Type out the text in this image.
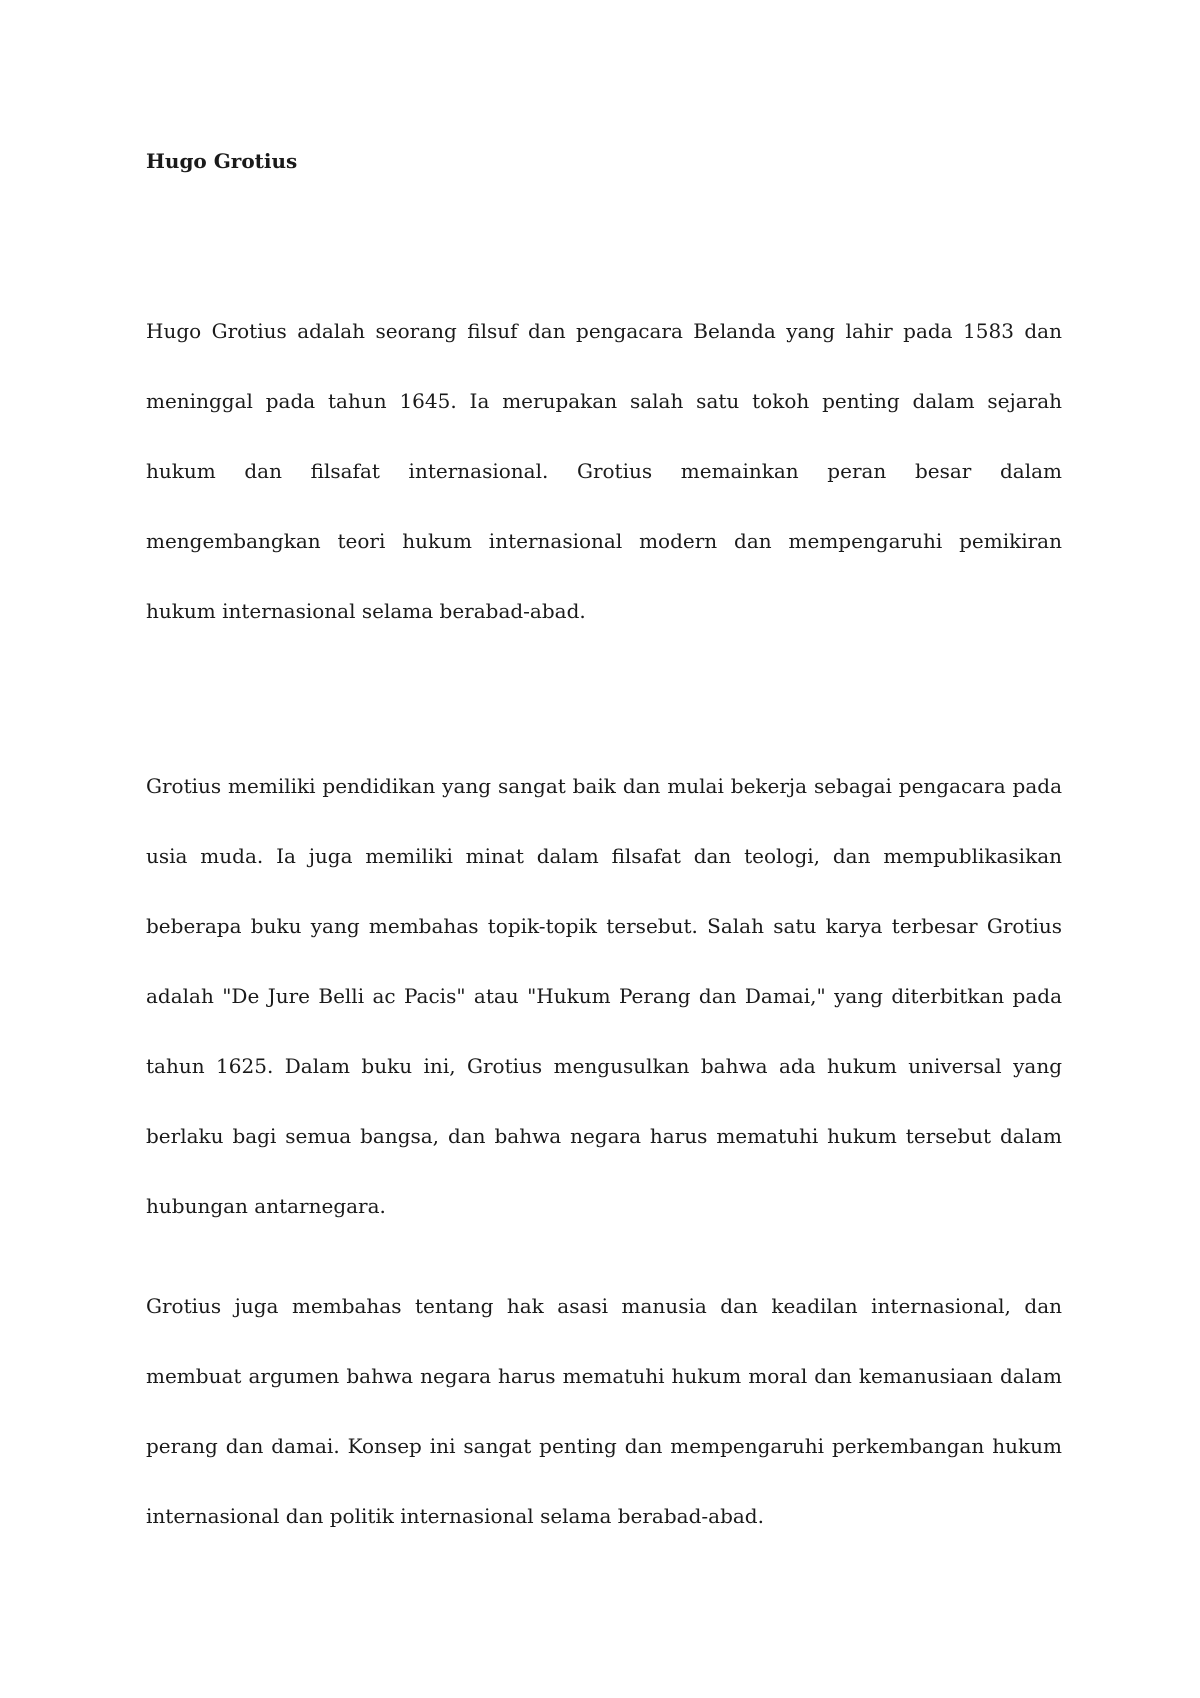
Hugo Grotius

Hugo Grotius adalah seorang filsuf dan pengacara Belanda yang lahir pada 1583 dan meninggal pada tahun 1645. Ia merupakan salah satu tokoh penting dalam sejarah hukum dan filsafat internasional. Grotius memainkan peran besar dalam mengembangkan teori hukum internasional modern dan mempengaruhi pemikiran hukum internasional selama berabad-abad.

Grotius memiliki pendidikan yang sangat baik dan mulai bekerja sebagai pengacara pada usia muda. Ia juga memiliki minat dalam filsafat dan teologi, dan mempublikasikan beberapa buku yang membahas topik-topik tersebut. Salah satu karya terbesar Grotius adalah "De Jure Belli ac Pacis" atau "Hukum Perang dan Damai," yang diterbitkan pada tahun 1625. Dalam buku ini, Grotius mengusulkan bahwa ada hukum universal yang berlaku bagi semua bangsa, dan bahwa negara harus mematuhi hukum tersebut dalam hubungan antarnegara.

Grotius juga membahas tentang hak asasi manusia dan keadilan internasional, dan membuat argumen bahwa negara harus mematuhi hukum moral dan kemanusiaan dalam perang dan damai. Konsep ini sangat penting dan mempengaruhi perkembangan hukum internasional dan politik internasional selama berabad-abad.
